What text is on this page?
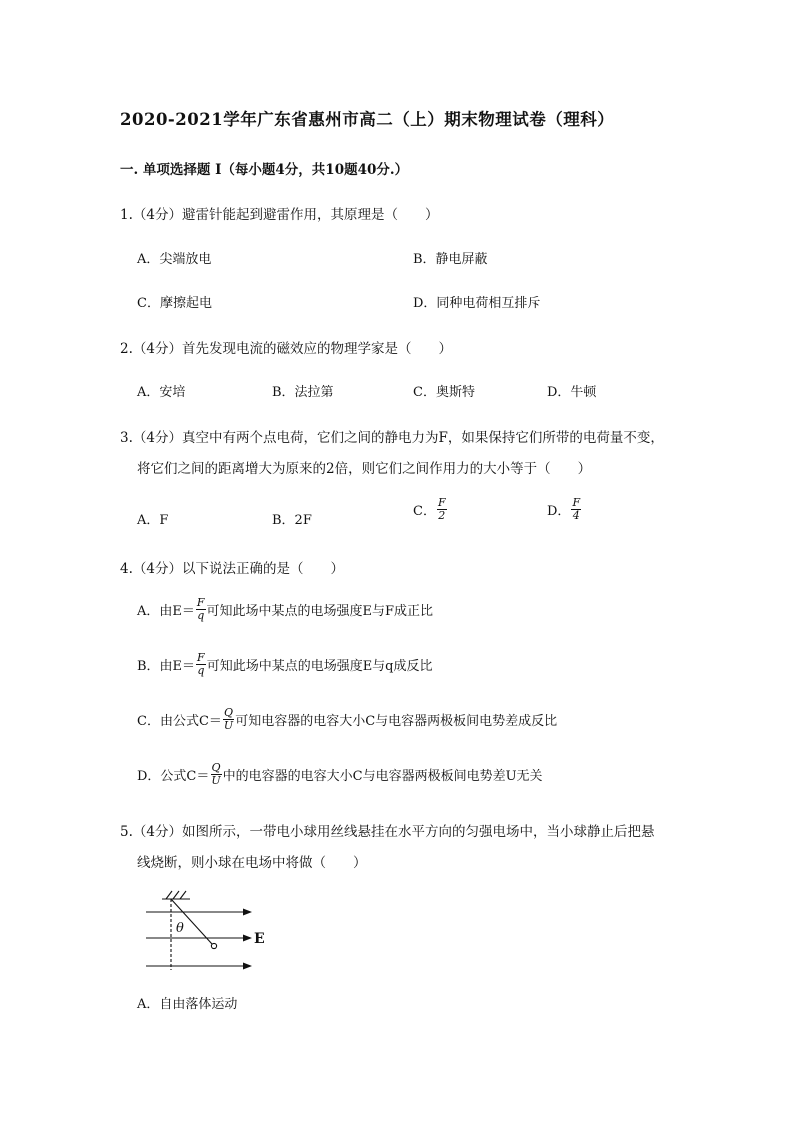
2020-2021学年广东省惠州市高二（上）期末物理试卷（理科）
一. 单项选择题 I（每小题4分，共10题40分.）
1.（4分）避雷针能起到避雷作用，其原理是（　　）
A．尖端放电	B．静电屏蔽
C．摩擦起电	D．同种电荷相互排斥
2.（4分）首先发现电流的磁效应的物理学家是（　　）
A．安培	B．法拉第	C．奥斯特	D．牛顿
3.（4分）真空中有两个点电荷，它们之间的静电力为F，如果保持它们所带的电荷量不变，
将它们之间的距离增大为原来的2倍，则它们之间作用力的大小等于（　　）
A．F	B．2F
C． $\frac{F}{2}$	D． $\frac{F}{4}$
4.（4分）以下说法正确的是（　　）
A．由$E= \frac{F}{q}$ 可知此场中某点的电场强度E与F成正比
B．由$E= \frac{F}{q}$ 可知此场中某点的电场强度E与q成反比
C．由公式$C= \frac{Q}{U}$ 可知电容器的电容大小C与电容器两极板间电势差成反比
D．公式$C= \frac{Q}{U}$ 中的电容器的电容大小C与电容器两极板间电势差U无关
5.（4分）如图所示，一带电小球用丝线悬挂在水平方向的匀强电场中，当小球静止后把悬
线烧断，则小球在电场中将做（　　）
θ
E
A．自由落体运动
